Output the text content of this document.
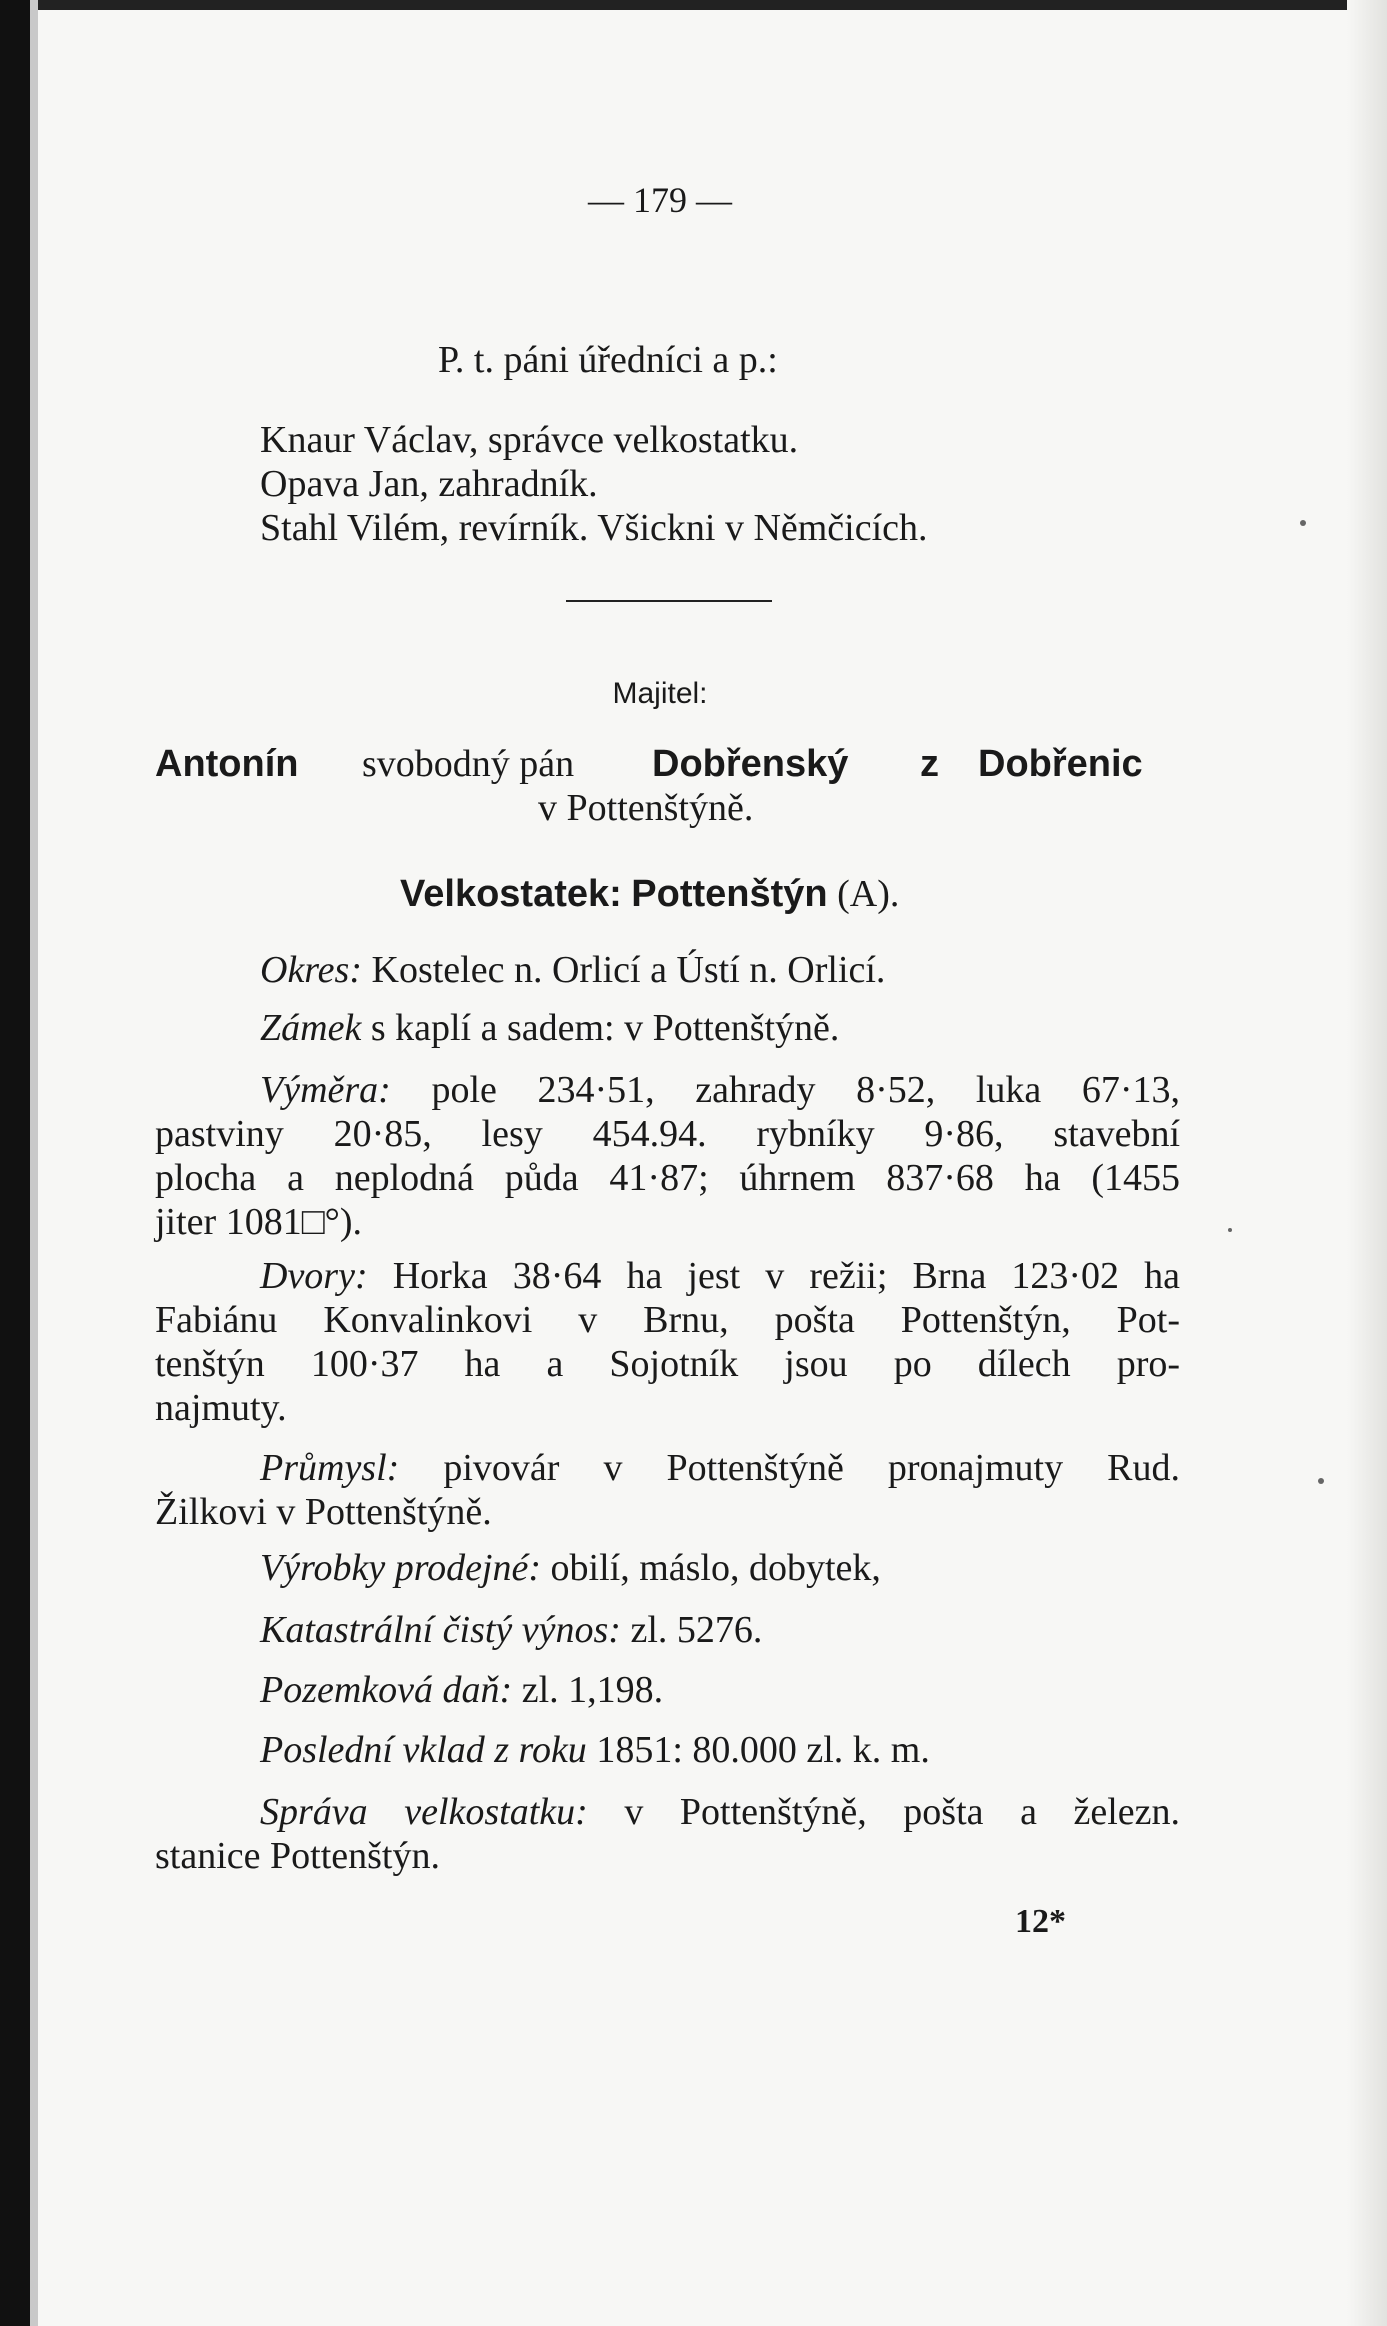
— 179 —
P. t. páni úředníci a p.:
Knaur Václav, správce velkostatku.
Opava Jan, zahradník.
Stahl Vilém, revírník. Všickni v Němčicích.
Majitel:
Antonín svobodný pán Dobřenský z Dobřenic
v Pottenštýně.
Velkostatek: Pottenštýn (A).
Okres: Kostelec n. Orlicí a Ústí n. Orlicí.
Zámek s kaplí a sadem: v Pottenštýně.
Výměra: pole 234·51, zahrady 8·52, luka 67·13,
pastviny 20·85, lesy 454.94. rybníky 9·86, stavební
plocha a neplodná půda 41·87; úhrnem 837·68 ha (1455
jiter 1081□°).
Dvory: Horka 38·64 ha jest v režii; Brna 123·02 ha
Fabiánu Konvalinkovi v Brnu, pošta Pottenštýn, Pot-
tenštýn 100·37 ha a Sojotník jsou po dílech pro-
najmuty.
Průmysl: pivovár v Pottenštýně pronajmuty Rud.
Žilkovi v Pottenštýně.
Výrobky prodejné: obilí, máslo, dobytek,
Katastrální čistý výnos: zl. 5276.
Pozemková daň: zl. 1,198.
Poslední vklad z roku 1851: 80.000 zl. k. m.
Správa velkostatku: v Pottenštýně, pošta a železn.
stanice Pottenštýn.
12*
